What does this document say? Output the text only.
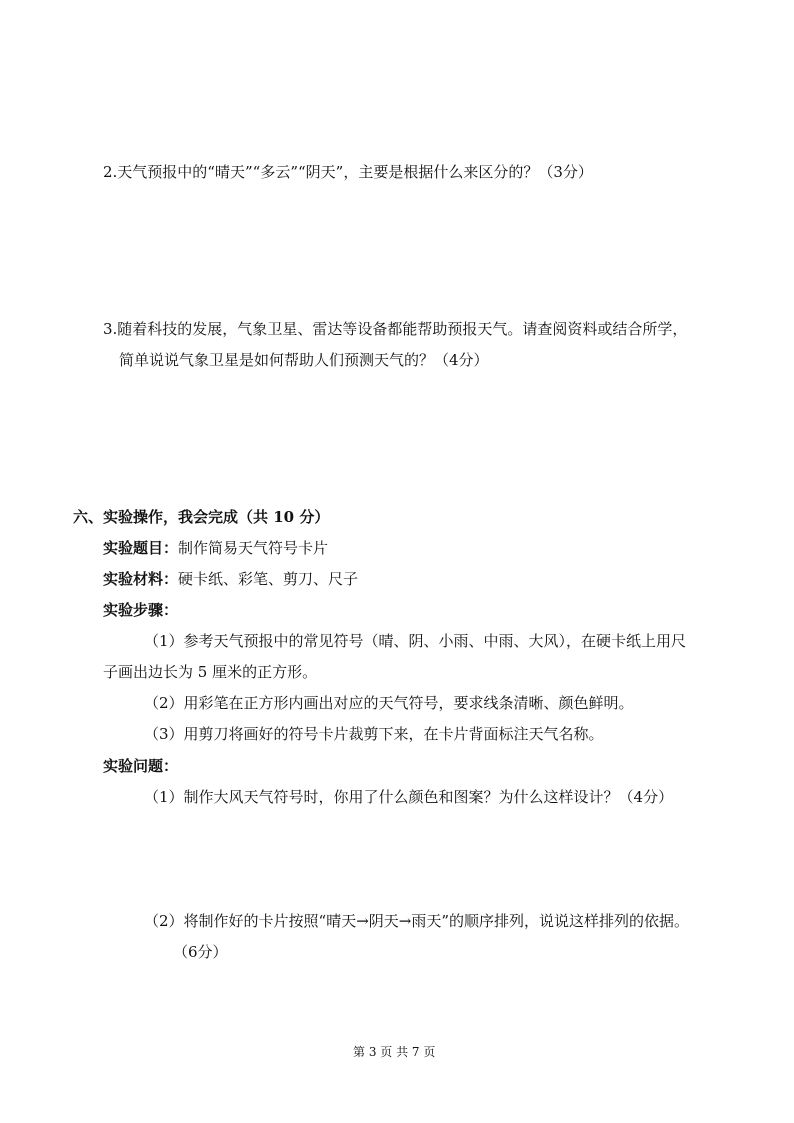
2.天气预报中的“晴天”“多云”“阴天”，主要是根据什么来区分的？（3分）
3.随着科技的发展，气象卫星、雷达等设备都能帮助预报天气。请查阅资料或结合所学，
简单说说气象卫星是如何帮助人们预测天气的？（4分）
六、实验操作，我会完成（共 10 分）
实验题目：制作简易天气符号卡片
实验材料：硬卡纸、彩笔、剪刀、尺子
实验步骤：
（1）参考天气预报中的常见符号（晴、阴、小雨、中雨、大风），在硬卡纸上用尺
子画出边长为 5 厘米的正方形。
（2）用彩笔在正方形内画出对应的天气符号，要求线条清晰、颜色鲜明。
（3）用剪刀将画好的符号卡片裁剪下来，在卡片背面标注天气名称。
实验问题：
（1）制作大风天气符号时，你用了什么颜色和图案？为什么这样设计？（4分）
（2）将制作好的卡片按照“晴天→阴天→雨天”的顺序排列，说说这样排列的依据。
（6分）
第 3 页 共 7 页
